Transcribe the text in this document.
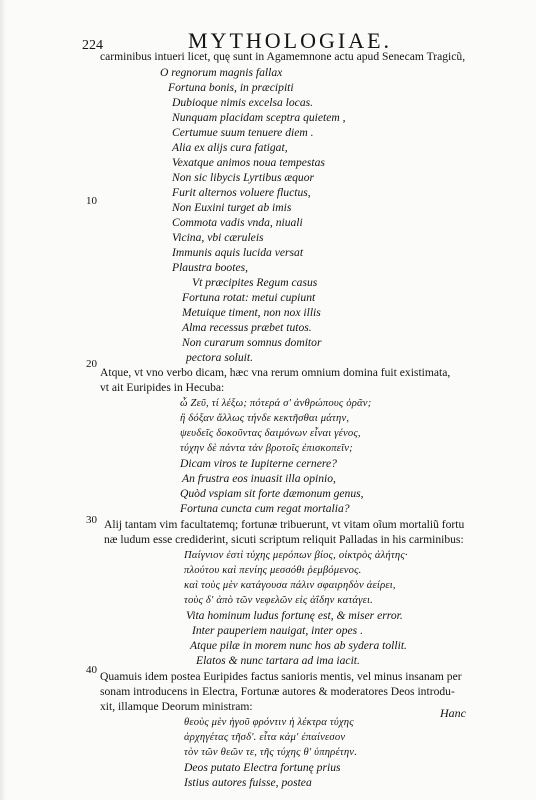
224	MYTHOLOGIAE.
carminibus intueri licet, quę sunt in Agamemnone actu apud Senecam Tragicũ,
O regnorum magnis fallax
Fortuna bonis, in præcipiti
Dubioque nimis excelsa locas.
Nunquam placidam sceptra quietem ,
Certumue suum tenuere diem .
Alia ex alijs cura fatigat,
Vexatque animos noua tempestas
Non sic libycis Lyrtibus æquor
Furit alternos voluere fluctus,
Non Euxini turget ab imis
Commota vadis vnda, niuali
Vicina, vbi cæruleis
Immunis aquis lucida versat
Plaustra bootes,
Vt præcipites Regum casus
Fortuna rotat: metui cupiunt
Metuique timent, non nox illis
Alma recessus præbet tutos.
Non curarum somnus domitor
pectora soluit.
Atque, vt vno verbo dicam, hæc vna rerum omnium domina fuit existimata,
vt ait Euripides in Hecuba:
ὦ Ζεῦ, τί λέξω; πότερά σ' ἀνθρώπους ὁρᾶν;
ἢ δόξαν ἄλλως τήνδε κεκτῆσθαι μάτην,
ψευδεῖς δοκοῦντας δαιμόνων εἶναι γένος,
τύχην δὲ πάντα τἀν βροτοῖς ἐπισκοπεῖν;
Dicam viros te Iupiterne cernere?
An frustra eos inuasit illa opinio,
Quòd vspiam sit forte dæmonum genus,
Fortuna cuncta cum regat mortalia?
Alij tantam vim facultatemq; fortunæ tribuerunt, vt vitam oĩum mortaliũ fortu
næ ludum esse crediderint, sicuti scriptum reliquit Palladas in his carminibus:
Παίγνιον ἐστὶ τύχης μερόπων βίος, οἰκτρὸς ἀλήτης·
πλούτου καὶ πενίης μεσσόθι ῥεμβόμενος.
καὶ τοὺς μὲν κατάγουσα πάλιν σφαιρηδὸν ἀείρει,
τοὺς δ' ἀπὸ τῶν νεφελῶν εἰς ἀΐδην κατάγει.
Vita hominum ludus fortunę est, & miser error.
Inter pauperiem nauigat, inter opes .
Atque pilæ in morem nunc hos ab sydera tollit.
Elatos & nunc tartara ad ima iacit.
Quamuis idem postea Euripides factus sanioris mentis, vel minus insanam per
sonam introducens in Electra, Fortunæ autores & moderatores Deos introdu-
xit, illamque Deorum ministram:
θεοὺς μὲν ἡγοῦ φρόντιν ἡ λέκτρα τύχης
ἀρχηγέτας τῆσδ'. εἶτα κἀμ' ἐπαίνεσον
τὸν τῶν θεῶν τε, τῆς τύχης θ' ὑπηρέτην.
Deos putato Electra fortunę prius
Istius autores fuisse, postea
10
20
30
40
Hanc
